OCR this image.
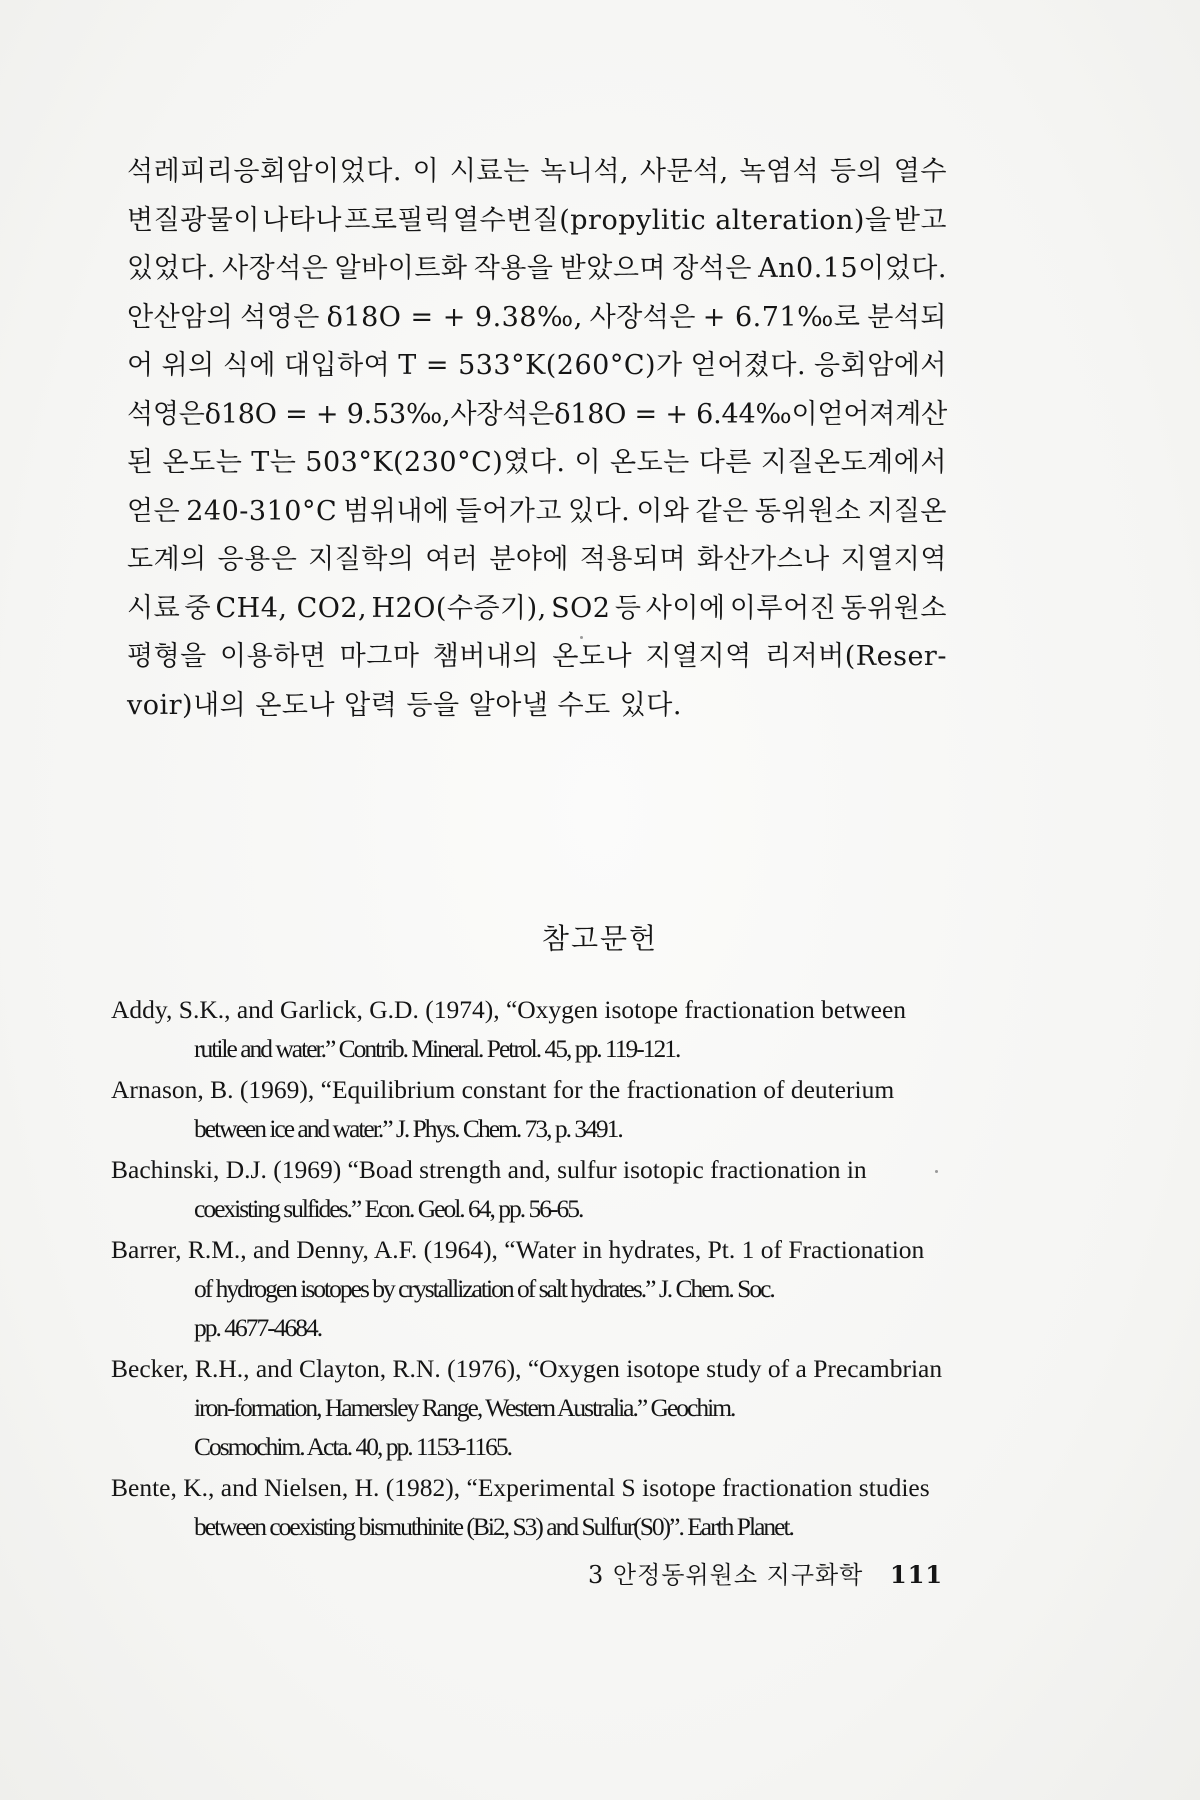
석레피리응회암이었다. 이 시료는 녹니석, 사문석, 녹염석 등의 열수
변질광물이 나타나 프로필릭 열수변질(propylitic alteration)을 받고
있었다. 사장석은 알바이트화 작용을 받았으며 장석은 An0.15이었다.
안산암의 석영은 δ18O = + 9.38‰, 사장석은 + 6.71‰로 분석되
어 위의 식에 대입하여 T = 533°K(260°C)가 얻어졌다. 응회암에서
석영은 δ18O = + 9.53‰, 사장석은 δ18O = + 6.44‰이 얻어져 계산
된 온도는 T는 503°K(230°C)였다. 이 온도는 다른 지질온도계에서
얻은 240-310°C 범위내에 들어가고 있다. 이와 같은 동위원소 지질온
도계의 응용은 지질학의 여러 분야에 적용되며 화산가스나 지열지역
시료 중 CH4, CO2, H2O(수증기), SO2 등 사이에 이루어진 동위원소
평형을 이용하면 마그마 챔버내의 온도나 지열지역 리저버(Reser-
voir)내의 온도나 압력 등을 알아낼 수도 있다.
참고문헌
Addy, S.K., and Garlick, G.D. (1974), “Oxygen isotope fractionation between
rutile and water.” Contrib. Mineral. Petrol. 45, pp. 119-121.
Arnason, B. (1969), “Equilibrium constant for the fractionation of deuterium
between ice and water.” J. Phys. Chem. 73, p. 3491.
Bachinski, D.J. (1969) “Boad strength and, sulfur isotopic fractionation in
coexisting sulfides.” Econ. Geol. 64, pp. 56-65.
Barrer, R.M., and Denny, A.F. (1964), “Water in hydrates, Pt. 1 of Fractionation
of hydrogen isotopes by crystallization of salt hydrates.” J. Chem. Soc.
pp. 4677-4684.
Becker, R.H., and Clayton, R.N. (1976), “Oxygen isotope study of a Precambrian
iron-formation, Hamersley Range, Western Australia.” Geochim.
Cosmochim. Acta. 40, pp. 1153-1165.
Bente, K., and Nielsen, H. (1982), “Experimental S isotope fractionation studies
between coexisting bismuthinite (Bi2, S3) and Sulfur(S0)”. Earth Planet.
3 안정동위원소 지구화학 111
